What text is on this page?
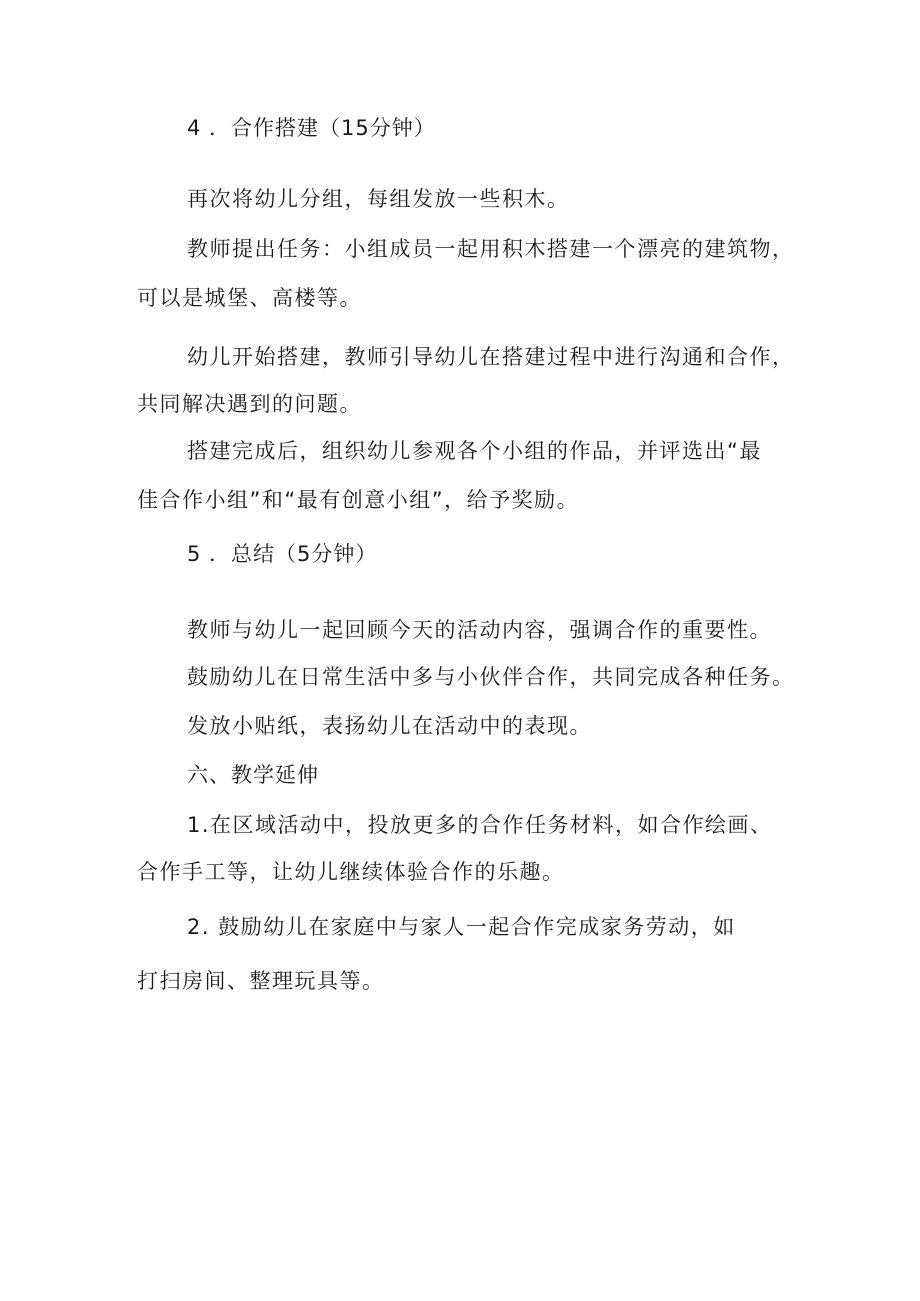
4 ．合作搭建（15分钟）

再次将幼儿分组，每组发放一些积木。

教师提出任务：小组成员一起用积木搭建一个漂亮的建筑物，

可以是城堡、高楼等。

幼儿开始搭建，教师引导幼儿在搭建过程中进行沟通和合作，

共同解决遇到的问题。

搭建完成后，组织幼儿参观各个小组的作品，并评选出“最

佳合作小组”和“最有创意小组”，给予奖励。

5 ．总结（5分钟）

教师与幼儿一起回顾今天的活动内容，强调合作的重要性。

鼓励幼儿在日常生活中多与小伙伴合作，共同完成各种任务。

发放小贴纸，表扬幼儿在活动中的表现。

六、教学延伸

1.在区域活动中，投放更多的合作任务材料，如合作绘画、

合作手工等，让幼儿继续体验合作的乐趣。

2. 鼓励幼儿在家庭中与家人一起合作完成家务劳动，如

打扫房间、整理玩具等。
